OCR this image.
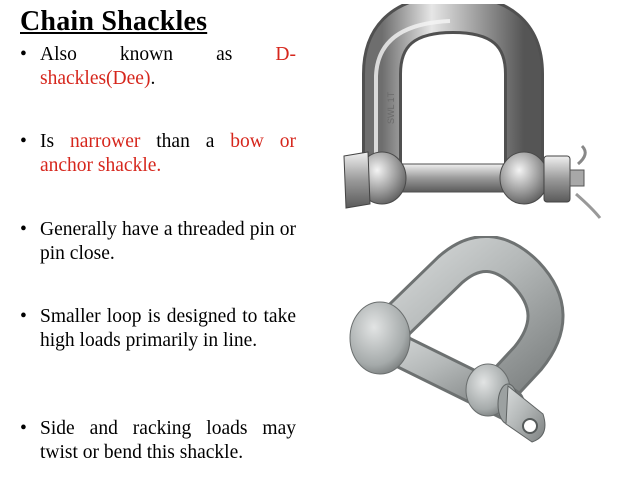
Chain Shackles
• Also known as D-shackles(Dee).
• Is narrower than a bow or anchor shackle.
• Generally have a threaded pin or pin close.
• Smaller loop is designed to take high loads primarily in line.
• Side and racking loads may twist or bend this shackle.
SWL 1T
